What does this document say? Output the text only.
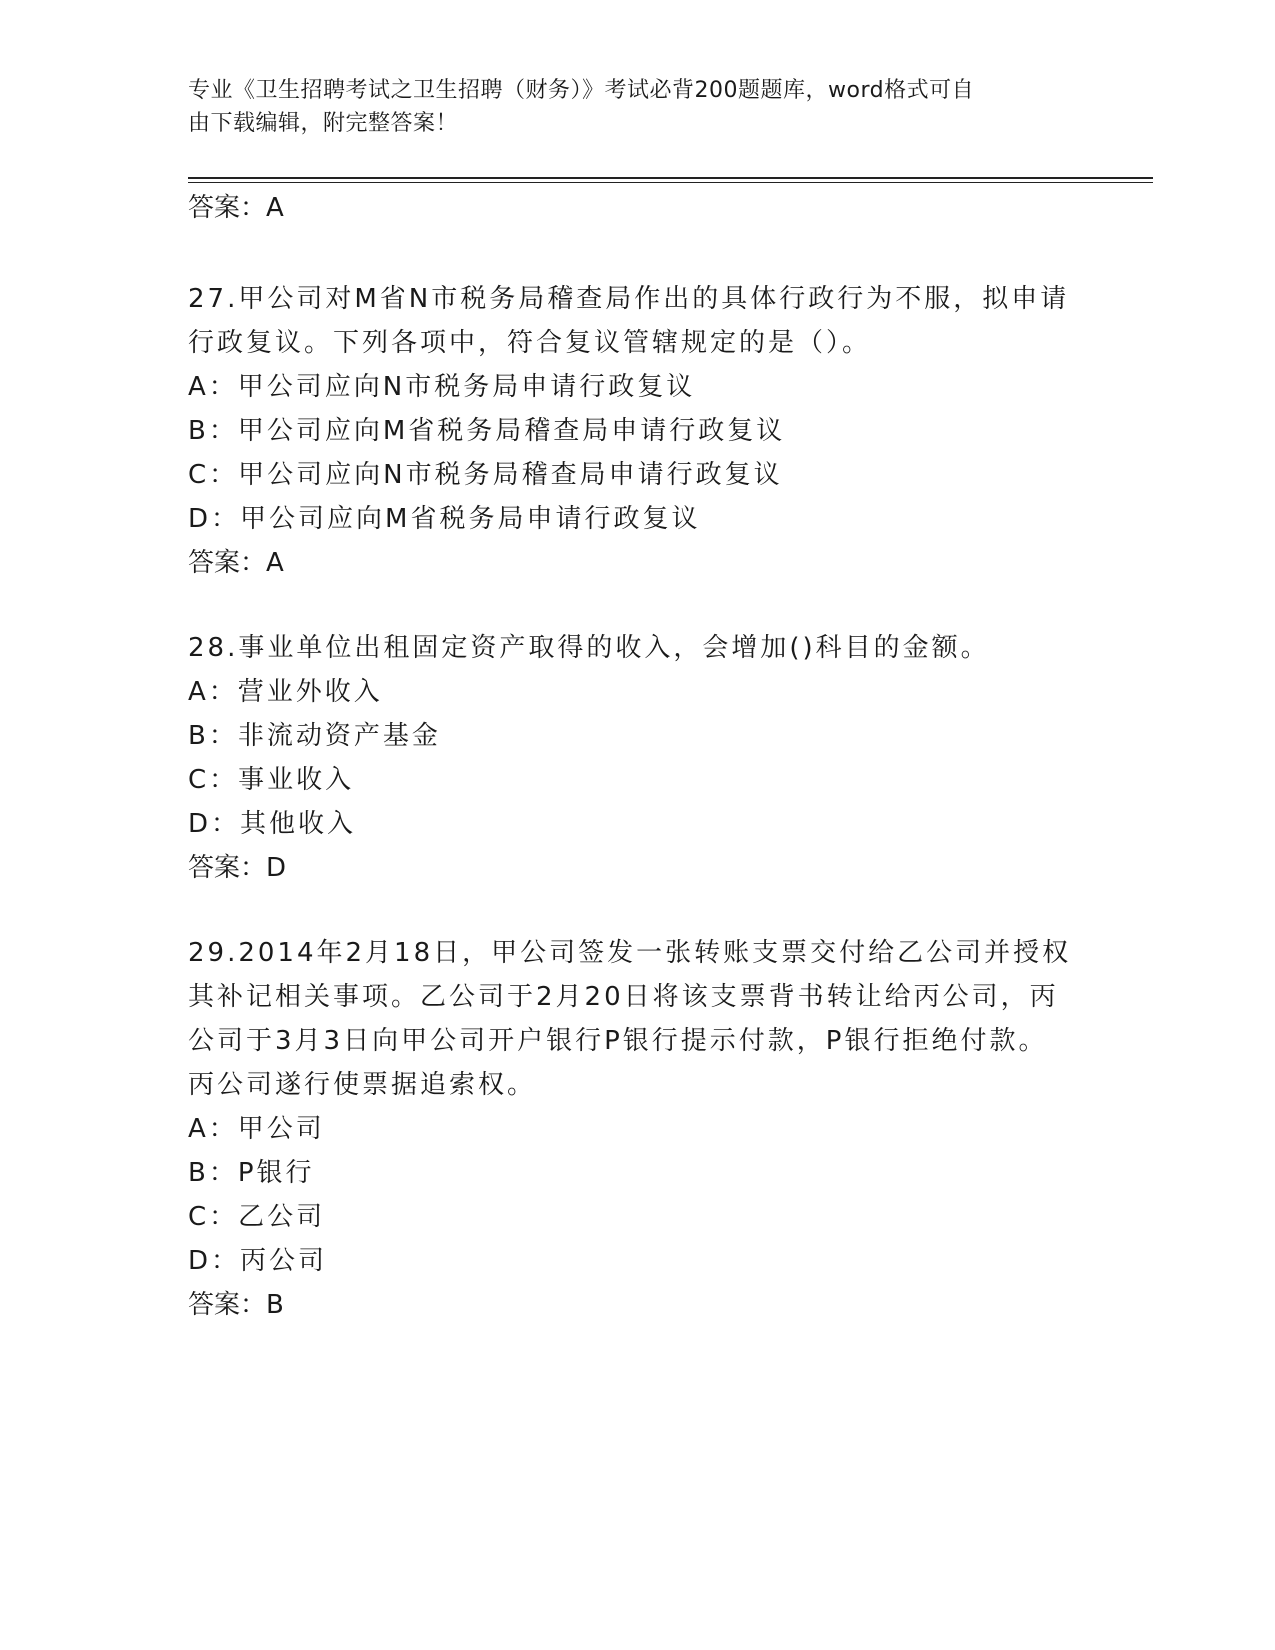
专业《卫生招聘考试之卫生招聘（财务）》考试必背200题题库，word格式可自
由下载编辑，附完整答案！
答案：A
27.甲公司对M省N市税务局稽查局作出的具体行政行为不服，拟申请
行政复议。下列各项中，符合复议管辖规定的是（）。
A：甲公司应向N市税务局申请行政复议
B：甲公司应向M省税务局稽查局申请行政复议
C：甲公司应向N市税务局稽查局申请行政复议
D：甲公司应向M省税务局申请行政复议
答案：A
28.事业单位出租固定资产取得的收入，会增加()科目的金额。
A：营业外收入
B：非流动资产基金
C：事业收入
D：其他收入
答案：D
29.2014年2月18日，甲公司签发一张转账支票交付给乙公司并授权
其补记相关事项。乙公司于2月20日将该支票背书转让给丙公司，丙
公司于3月3日向甲公司开户银行P银行提示付款，P银行拒绝付款。
丙公司遂行使票据追索权。
A：甲公司
B：P银行
C：乙公司
D：丙公司
答案：B
